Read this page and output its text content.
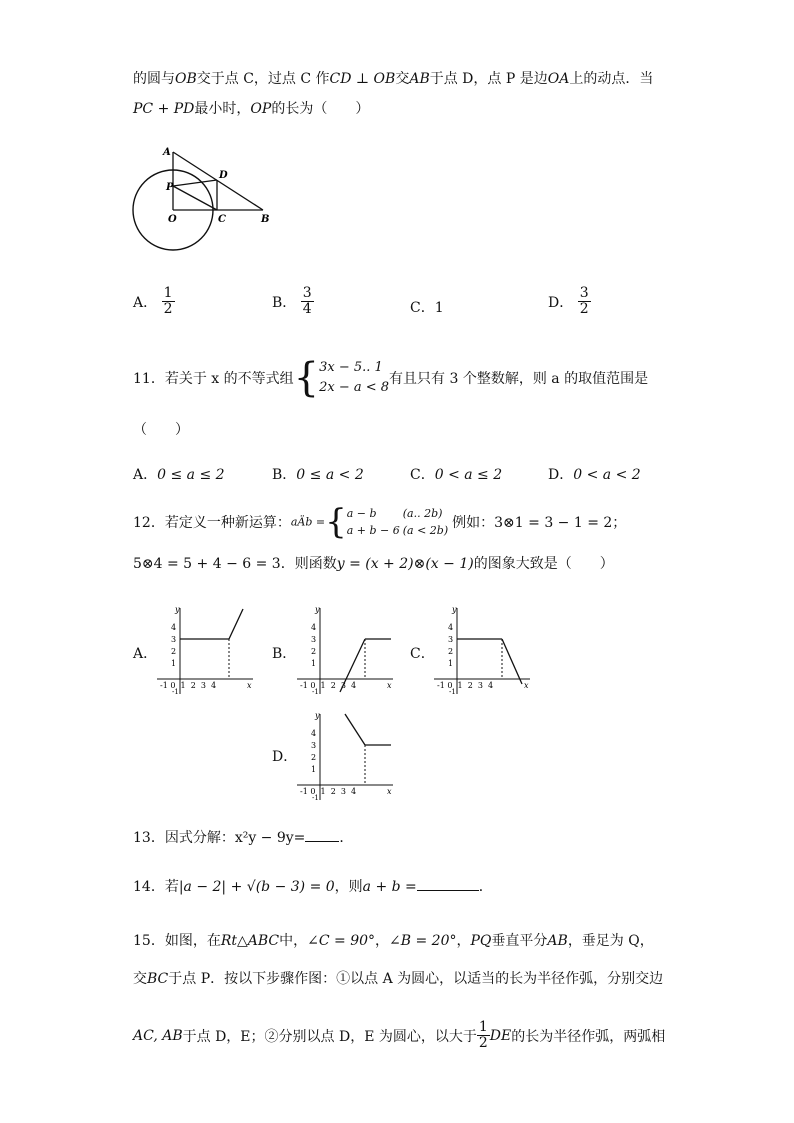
的圆与OB交于点 C，过点 C 作CD ⊥ OB交AB于点 D，点 P 是边OA上的动点．当
PC + PD最小时，OP的长为（　　）
A
D
P
O	C	B
A． $\frac{1}{2}$	B． $\frac{3}{4}$	C．1	D． $\frac{3}{2}$
11．若关于 x 的不等式组{ 3x − 5.. 1
2x − a < 8
有且只有 3 个整数解，则 a 的取值范围是
（　　）
A．0 ≤ a ≤ 2	B．0 ≤ a < 2	C．0 < a ≤ 2	D．0 < a < 2
12．若定义一种新运算：aÄb ={ a − b (a.. 2b)
a + b − 6 (a < 2b) 例如：3⊗1 = 3 − 1 = 2；
5⊗4 = 5 + 4 − 6 = 3．则函数y = (x + 2)⊗(x − 1)的图象大致是（　　）
A．	B．	C．
D．
y
x
4
3
2
1
-1 0  1  2  3  4
-1
y
x
4
3
2
1
-1 0  1  2  3  4
-1
y
x
4
3
2
1
-1 0  1  2  3  4
-1
y
x
4
3
2
1
-1 0  1  2  3  4
-1
13．因式分解：x²y − 9y= ．
14．若|a − 2| + √(b − 3) = 0，则a + b =	．
15．如图，在Rt△ABC中，∠C = 90°，∠B = 20°，PQ垂直平分AB，垂足为 Q，
交BC于点 P．按以下步骤作图：①以点 A 为圆心，以适当的长为半径作弧，分别交边
AC, AB于点 D，E；②分别以点 D，E 为圆心，以大于 $\frac{1}{2}$ DE的长为半径作弧，两弧相
